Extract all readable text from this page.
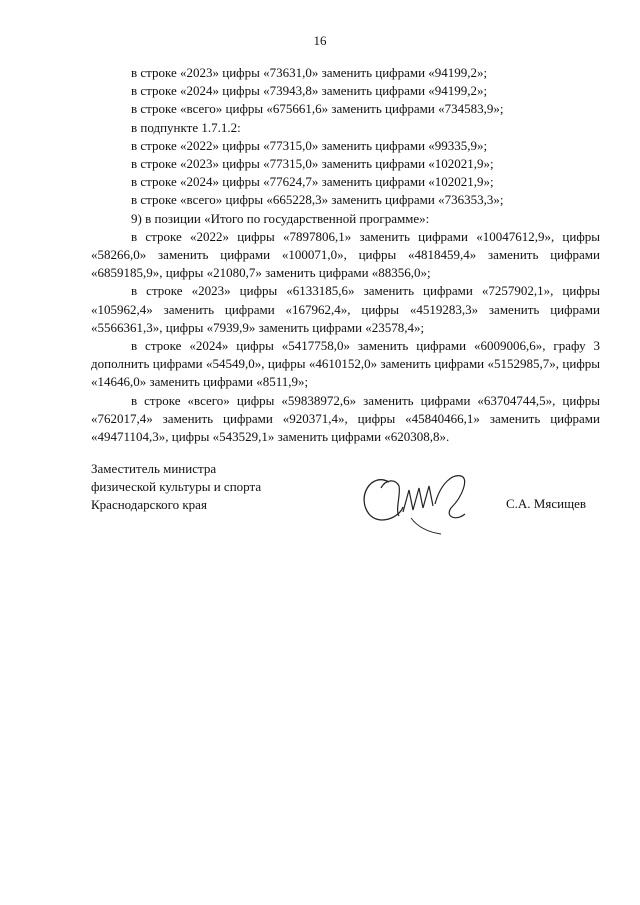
16
в строке «2023» цифры «73631,0» заменить цифрами «94199,2»;
в строке «2024» цифры «73943,8» заменить цифрами «94199,2»;
в строке «всего» цифры «675661,6» заменить цифрами «734583,9»;
в подпункте 1.7.1.2:
в строке «2022» цифры «77315,0» заменить цифрами «99335,9»;
в строке «2023» цифры «77315,0» заменить цифрами «102021,9»;
в строке «2024» цифры «77624,7» заменить цифрами «102021,9»;
в строке «всего» цифры «665228,3» заменить цифрами «736353,3»;
9) в позиции «Итого по государственной программе»:
в строке «2022» цифры «7897806,1» заменить цифрами «10047612,9», цифры «58266,0» заменить цифрами «100071,0», цифры «4818459,4» заменить цифрами «6859185,9», цифры «21080,7» заменить цифрами «88356,0»;
в строке «2023» цифры «6133185,6» заменить цифрами «7257902,1», цифры «105962,4» заменить цифрами «167962,4», цифры «4519283,3» заменить цифрами «5566361,3», цифры «7939,9» заменить цифрами «23578,4»;
в строке «2024» цифры «5417758,0» заменить цифрами «6009006,6», графу 3 дополнить цифрами «54549,0», цифры «4610152,0» заменить цифрами «5152985,7», цифры «14646,0» заменить цифрами «8511,9»;
в строке «всего» цифры «59838972,6» заменить цифрами «63704744,5», цифры «762017,4» заменить цифрами «920371,4», цифры «45840466,1» заменить цифрами «49471104,3», цифры «543529,1» заменить цифрами «620308,8».
Заместитель министра
физической культуры и спорта
Краснодарского края	С.А. Мясищев
